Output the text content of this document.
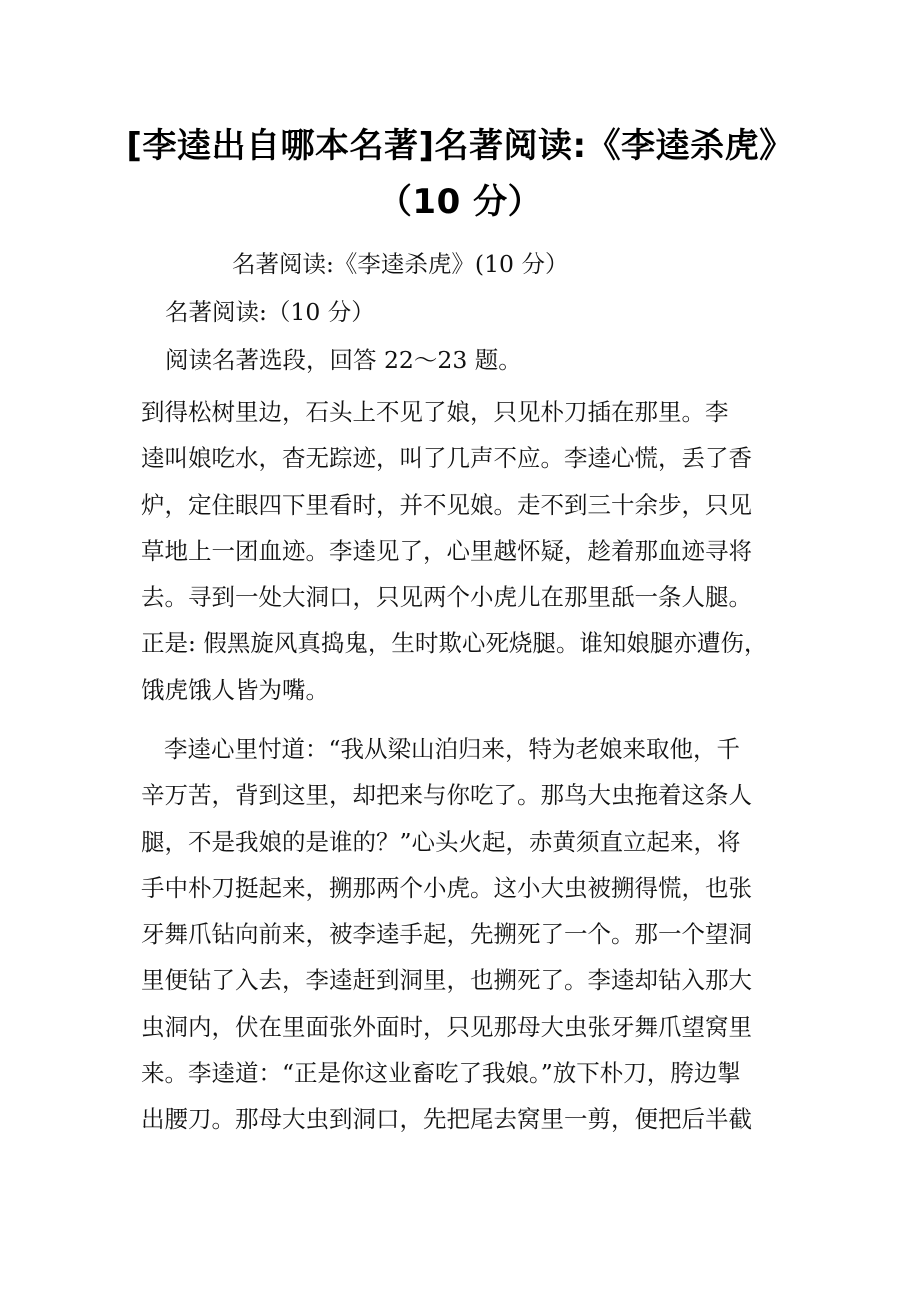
[李逵出自哪本名著]名著阅读:《李逵杀虎》
（10 分）
名著阅读:《李逵杀虎》(10 分）
名著阅读:（10 分）
阅读名著选段，回答 22～23 题。
到得松树里边，石头上不见了娘，只见朴刀插在那里。李
逵叫娘吃水，杳无踪迹，叫了几声不应。李逵心慌，丢了香
炉，定住眼四下里看时，并不见娘。走不到三十余步，只见
草地上一团血迹。李逵见了，心里越怀疑，趁着那血迹寻将
去。寻到一处大洞口，只见两个小虎儿在那里舐一条人腿。
正是: 假黑旋风真捣鬼，生时欺心死烧腿。谁知娘腿亦遭伤，
饿虎饿人皆为嘴。
李逵心里忖道：“我从梁山泊归来，特为老娘来取他，千
辛万苦，背到这里，却把来与你吃了。那鸟大虫拖着这条人
腿，不是我娘的是谁的？”心头火起，赤黄须直立起来，将
手中朴刀挺起来，搠那两个小虎。这小大虫被搠得慌，也张
牙舞爪钻向前来，被李逵手起，先搠死了一个。那一个望洞
里便钻了入去，李逵赶到洞里，也搠死了。李逵却钻入那大
虫洞内，伏在里面张外面时，只见那母大虫张牙舞爪望窝里
来。李逵道：“正是你这业畜吃了我娘。”放下朴刀，胯边掣
出腰刀。那母大虫到洞口，先把尾去窝里一剪，便把后半截
